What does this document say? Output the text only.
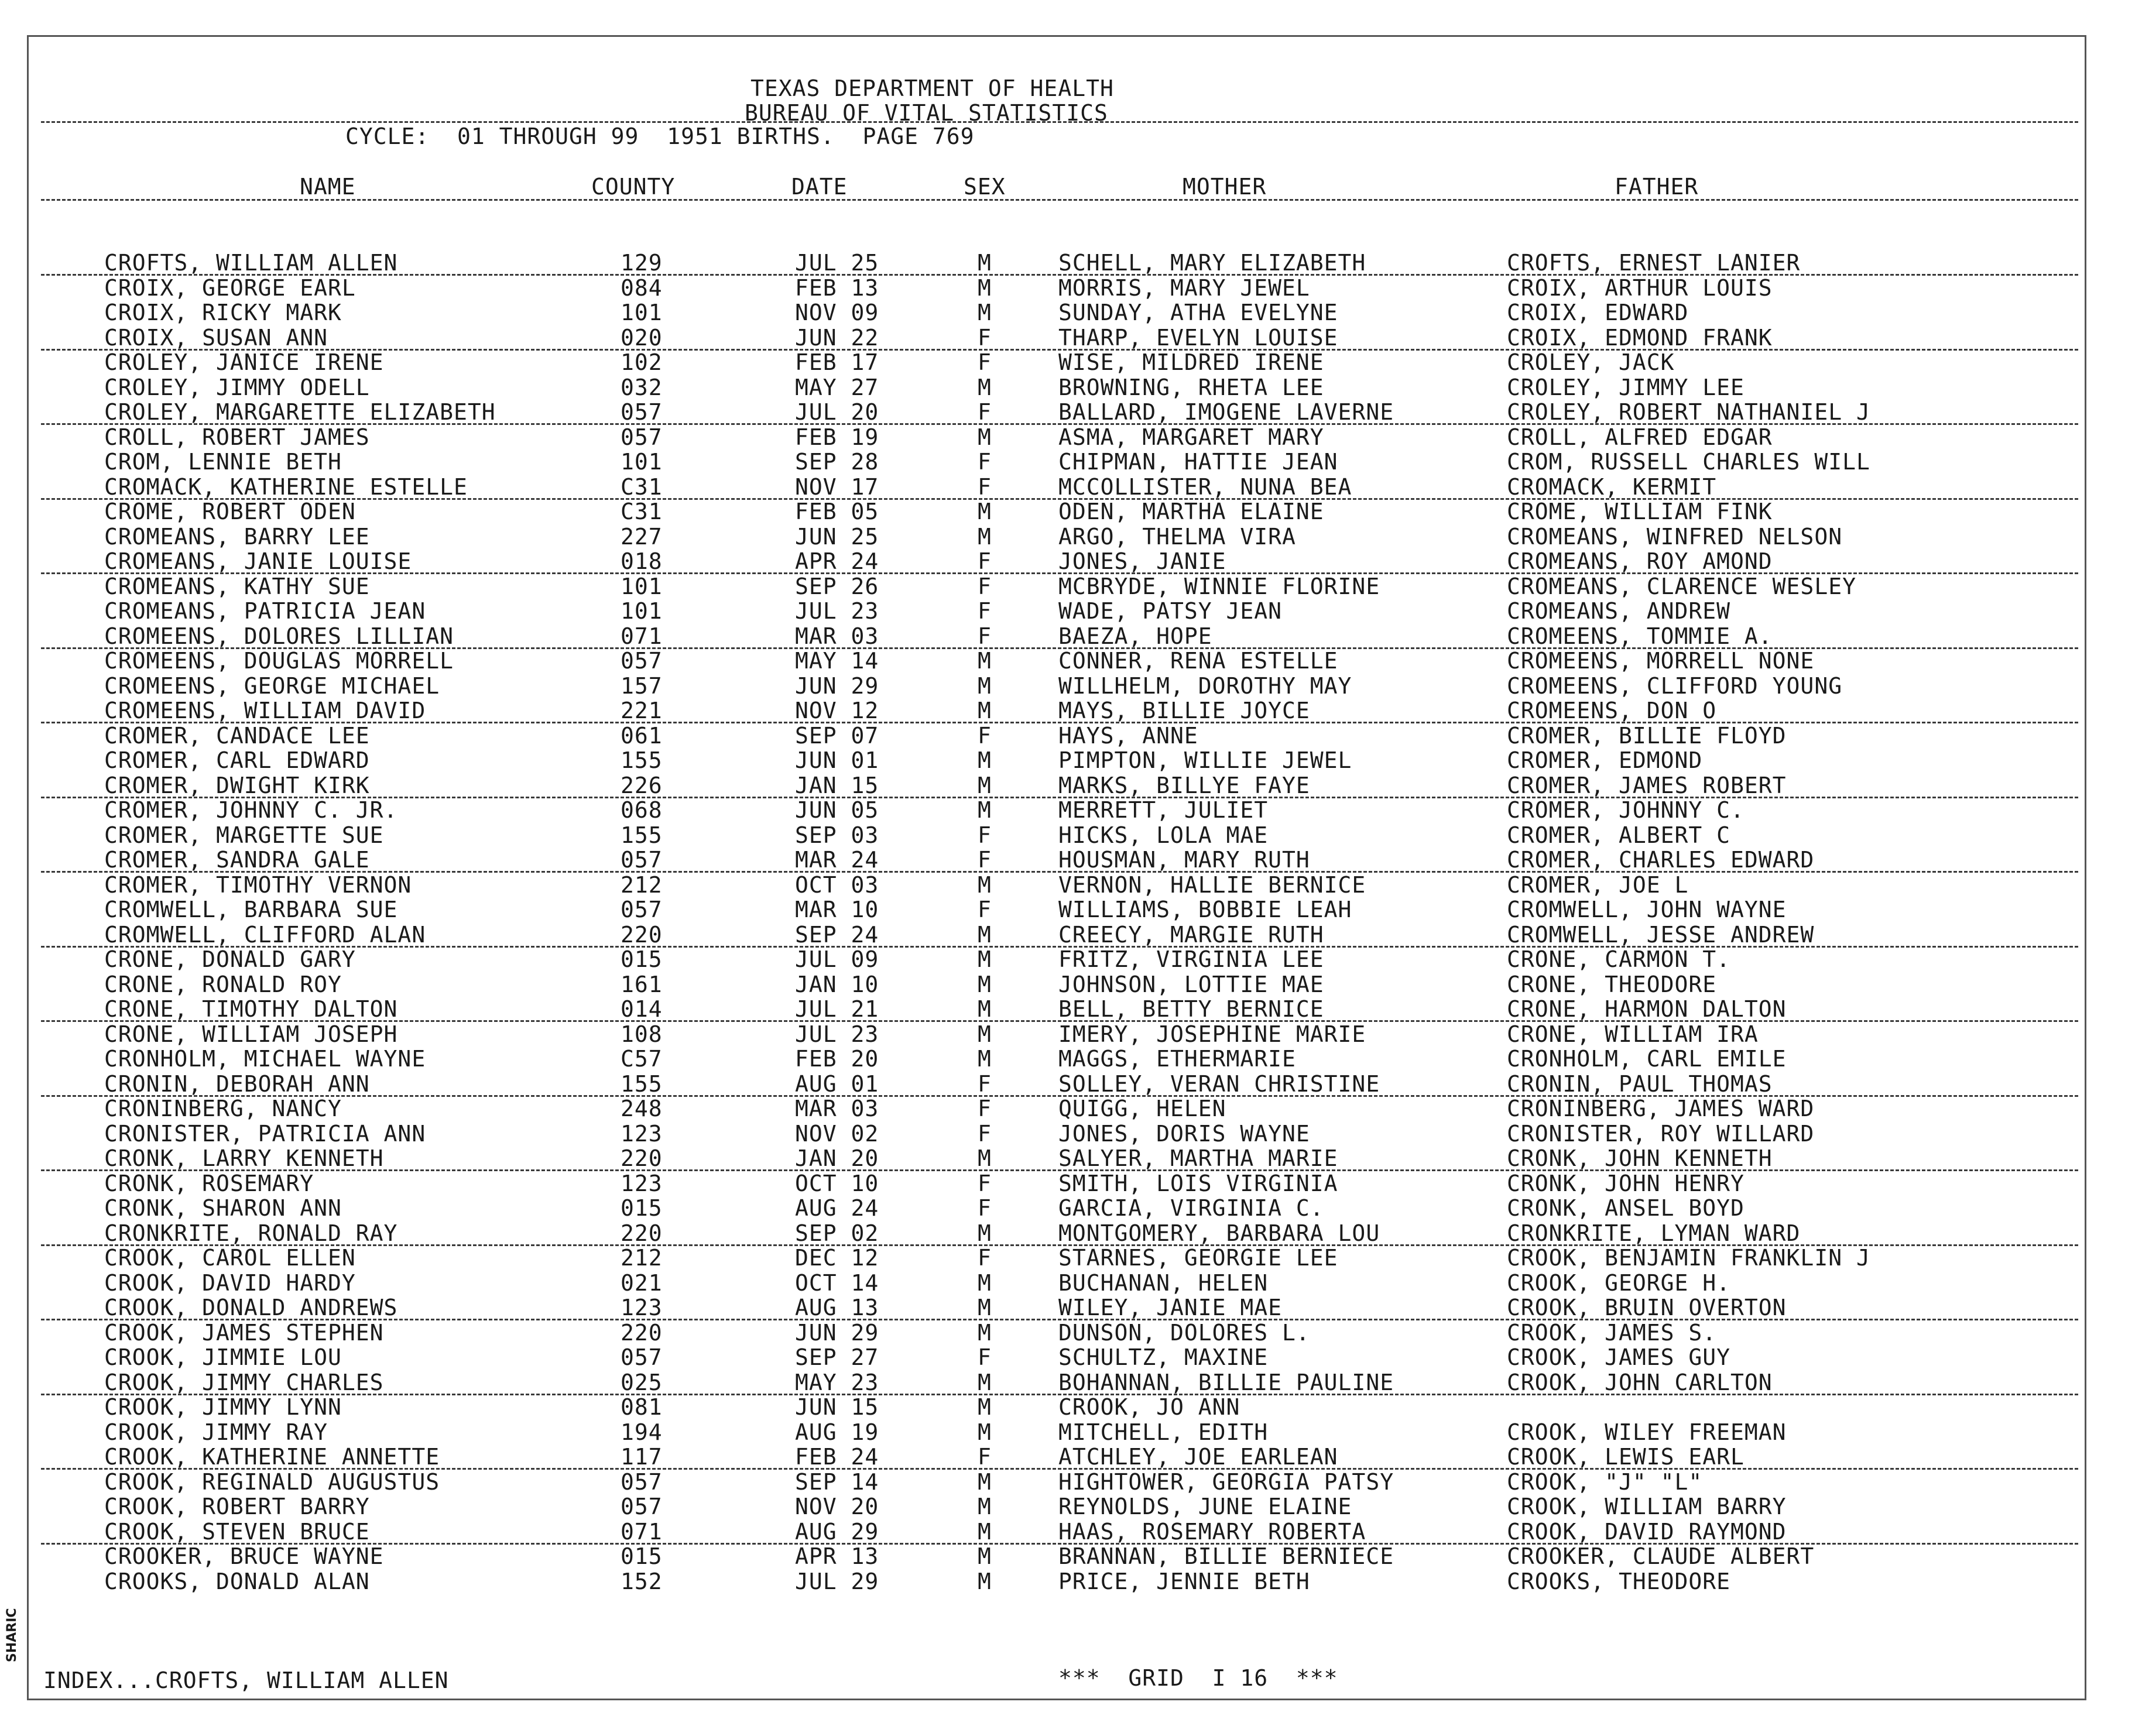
TEXAS DEPARTMENT OF HEALTH
BUREAU OF VITAL STATISTICS
CYCLE:  01 THROUGH 99  1951 BIRTHS.  PAGE 769
NAME	COUNTY	DATE	SEX	MOTHER	FATHER
CROFTS, WILLIAM ALLEN	129	JUL 25	M	SCHELL, MARY ELIZABETH	CROFTS, ERNEST LANIER
CROIX, GEORGE EARL	084	FEB 13	M	MORRIS, MARY JEWEL	CROIX, ARTHUR LOUIS
CROIX, RICKY MARK	101	NOV 09	M	SUNDAY, ATHA EVELYNE	CROIX, EDWARD
CROIX, SUSAN ANN	020	JUN 22	F	THARP, EVELYN LOUISE	CROIX, EDMOND FRANK
CROLEY, JANICE IRENE	102	FEB 17	F	WISE, MILDRED IRENE	CROLEY, JACK
CROLEY, JIMMY ODELL	032	MAY 27	M	BROWNING, RHETA LEE	CROLEY, JIMMY LEE
CROLEY, MARGARETTE ELIZABETH	057	JUL 20	F	BALLARD, IMOGENE LAVERNE	CROLEY, ROBERT NATHANIEL J
CROLL, ROBERT JAMES	057	FEB 19	M	ASMA, MARGARET MARY	CROLL, ALFRED EDGAR
CROM, LENNIE BETH	101	SEP 28	F	CHIPMAN, HATTIE JEAN	CROM, RUSSELL CHARLES WILL
CROMACK, KATHERINE ESTELLE	C31	NOV 17	F	MCCOLLISTER, NUNA BEA	CROMACK, KERMIT
CROME, ROBERT ODEN	C31	FEB 05	M	ODEN, MARTHA ELAINE	CROME, WILLIAM FINK
CROMEANS, BARRY LEE	227	JUN 25	M	ARGO, THELMA VIRA	CROMEANS, WINFRED NELSON
CROMEANS, JANIE LOUISE	018	APR 24	F	JONES, JANIE	CROMEANS, ROY AMOND
CROMEANS, KATHY SUE	101	SEP 26	F	MCBRYDE, WINNIE FLORINE	CROMEANS, CLARENCE WESLEY
CROMEANS, PATRICIA JEAN	101	JUL 23	F	WADE, PATSY JEAN	CROMEANS, ANDREW
CROMEENS, DOLORES LILLIAN	071	MAR 03	F	BAEZA, HOPE	CROMEENS, TOMMIE A.
CROMEENS, DOUGLAS MORRELL	057	MAY 14	M	CONNER, RENA ESTELLE	CROMEENS, MORRELL NONE
CROMEENS, GEORGE MICHAEL	157	JUN 29	M	WILLHELM, DOROTHY MAY	CROMEENS, CLIFFORD YOUNG
CROMEENS, WILLIAM DAVID	221	NOV 12	M	MAYS, BILLIE JOYCE	CROMEENS, DON O
CROMER, CANDACE LEE	061	SEP 07	F	HAYS, ANNE	CROMER, BILLIE FLOYD
CROMER, CARL EDWARD	155	JUN 01	M	PIMPTON, WILLIE JEWEL	CROMER, EDMOND
CROMER, DWIGHT KIRK	226	JAN 15	M	MARKS, BILLYE FAYE	CROMER, JAMES ROBERT
CROMER, JOHNNY C. JR.	068	JUN 05	M	MERRETT, JULIET	CROMER, JOHNNY C.
CROMER, MARGETTE SUE	155	SEP 03	F	HICKS, LOLA MAE	CROMER, ALBERT C
CROMER, SANDRA GALE	057	MAR 24	F	HOUSMAN, MARY RUTH	CROMER, CHARLES EDWARD
CROMER, TIMOTHY VERNON	212	OCT 03	M	VERNON, HALLIE BERNICE	CROMER, JOE L
CROMWELL, BARBARA SUE	057	MAR 10	F	WILLIAMS, BOBBIE LEAH	CROMWELL, JOHN WAYNE
CROMWELL, CLIFFORD ALAN	220	SEP 24	M	CREECY, MARGIE RUTH	CROMWELL, JESSE ANDREW
CRONE, DONALD GARY	015	JUL 09	M	FRITZ, VIRGINIA LEE	CRONE, CARMON T.
CRONE, RONALD ROY	161	JAN 10	M	JOHNSON, LOTTIE MAE	CRONE, THEODORE
CRONE, TIMOTHY DALTON	014	JUL 21	M	BELL, BETTY BERNICE	CRONE, HARMON DALTON
CRONE, WILLIAM JOSEPH	108	JUL 23	M	IMERY, JOSEPHINE MARIE	CRONE, WILLIAM IRA
CRONHOLM, MICHAEL WAYNE	C57	FEB 20	M	MAGGS, ETHERMARIE	CRONHOLM, CARL EMILE
CRONIN, DEBORAH ANN	155	AUG 01	F	SOLLEY, VERAN CHRISTINE	CRONIN, PAUL THOMAS
CRONINBERG, NANCY	248	MAR 03	F	QUIGG, HELEN	CRONINBERG, JAMES WARD
CRONISTER, PATRICIA ANN	123	NOV 02	F	JONES, DORIS WAYNE	CRONISTER, ROY WILLARD
CRONK, LARRY KENNETH	220	JAN 20	M	SALYER, MARTHA MARIE	CRONK, JOHN KENNETH
CRONK, ROSEMARY	123	OCT 10	F	SMITH, LOIS VIRGINIA	CRONK, JOHN HENRY
CRONK, SHARON ANN	015	AUG 24	F	GARCIA, VIRGINIA C.	CRONK, ANSEL BOYD
CRONKRITE, RONALD RAY	220	SEP 02	M	MONTGOMERY, BARBARA LOU	CRONKRITE, LYMAN WARD
CROOK, CAROL ELLEN	212	DEC 12	F	STARNES, GEORGIE LEE	CROOK, BENJAMIN FRANKLIN J
CROOK, DAVID HARDY	021	OCT 14	M	BUCHANAN, HELEN	CROOK, GEORGE H.
CROOK, DONALD ANDREWS	123	AUG 13	M	WILEY, JANIE MAE	CROOK, BRUIN OVERTON
CROOK, JAMES STEPHEN	220	JUN 29	M	DUNSON, DOLORES L.	CROOK, JAMES S.
CROOK, JIMMIE LOU	057	SEP 27	F	SCHULTZ, MAXINE	CROOK, JAMES GUY
CROOK, JIMMY CHARLES	025	MAY 23	M	BOHANNAN, BILLIE PAULINE	CROOK, JOHN CARLTON
CROOK, JIMMY LYNN	081	JUN 15	M	CROOK, JO ANN
CROOK, JIMMY RAY	194	AUG 19	M	MITCHELL, EDITH	CROOK, WILEY FREEMAN
CROOK, KATHERINE ANNETTE	117	FEB 24	F	ATCHLEY, JOE EARLEAN	CROOK, LEWIS EARL
CROOK, REGINALD AUGUSTUS	057	SEP 14	M	HIGHTOWER, GEORGIA PATSY	CROOK, "J" "L"
CROOK, ROBERT BARRY	057	NOV 20	M	REYNOLDS, JUNE ELAINE	CROOK, WILLIAM BARRY
CROOK, STEVEN BRUCE	071	AUG 29	M	HAAS, ROSEMARY ROBERTA	CROOK, DAVID RAYMOND
CROOKER, BRUCE WAYNE	015	APR 13	M	BRANNAN, BILLIE BERNIECE	CROOKER, CLAUDE ALBERT
CROOKS, DONALD ALAN	152	JUL 29	M	PRICE, JENNIE BETH	CROOKS, THEODORE
INDEX...CROFTS, WILLIAM ALLEN	***  GRID  I 16  ***
SHARIC
